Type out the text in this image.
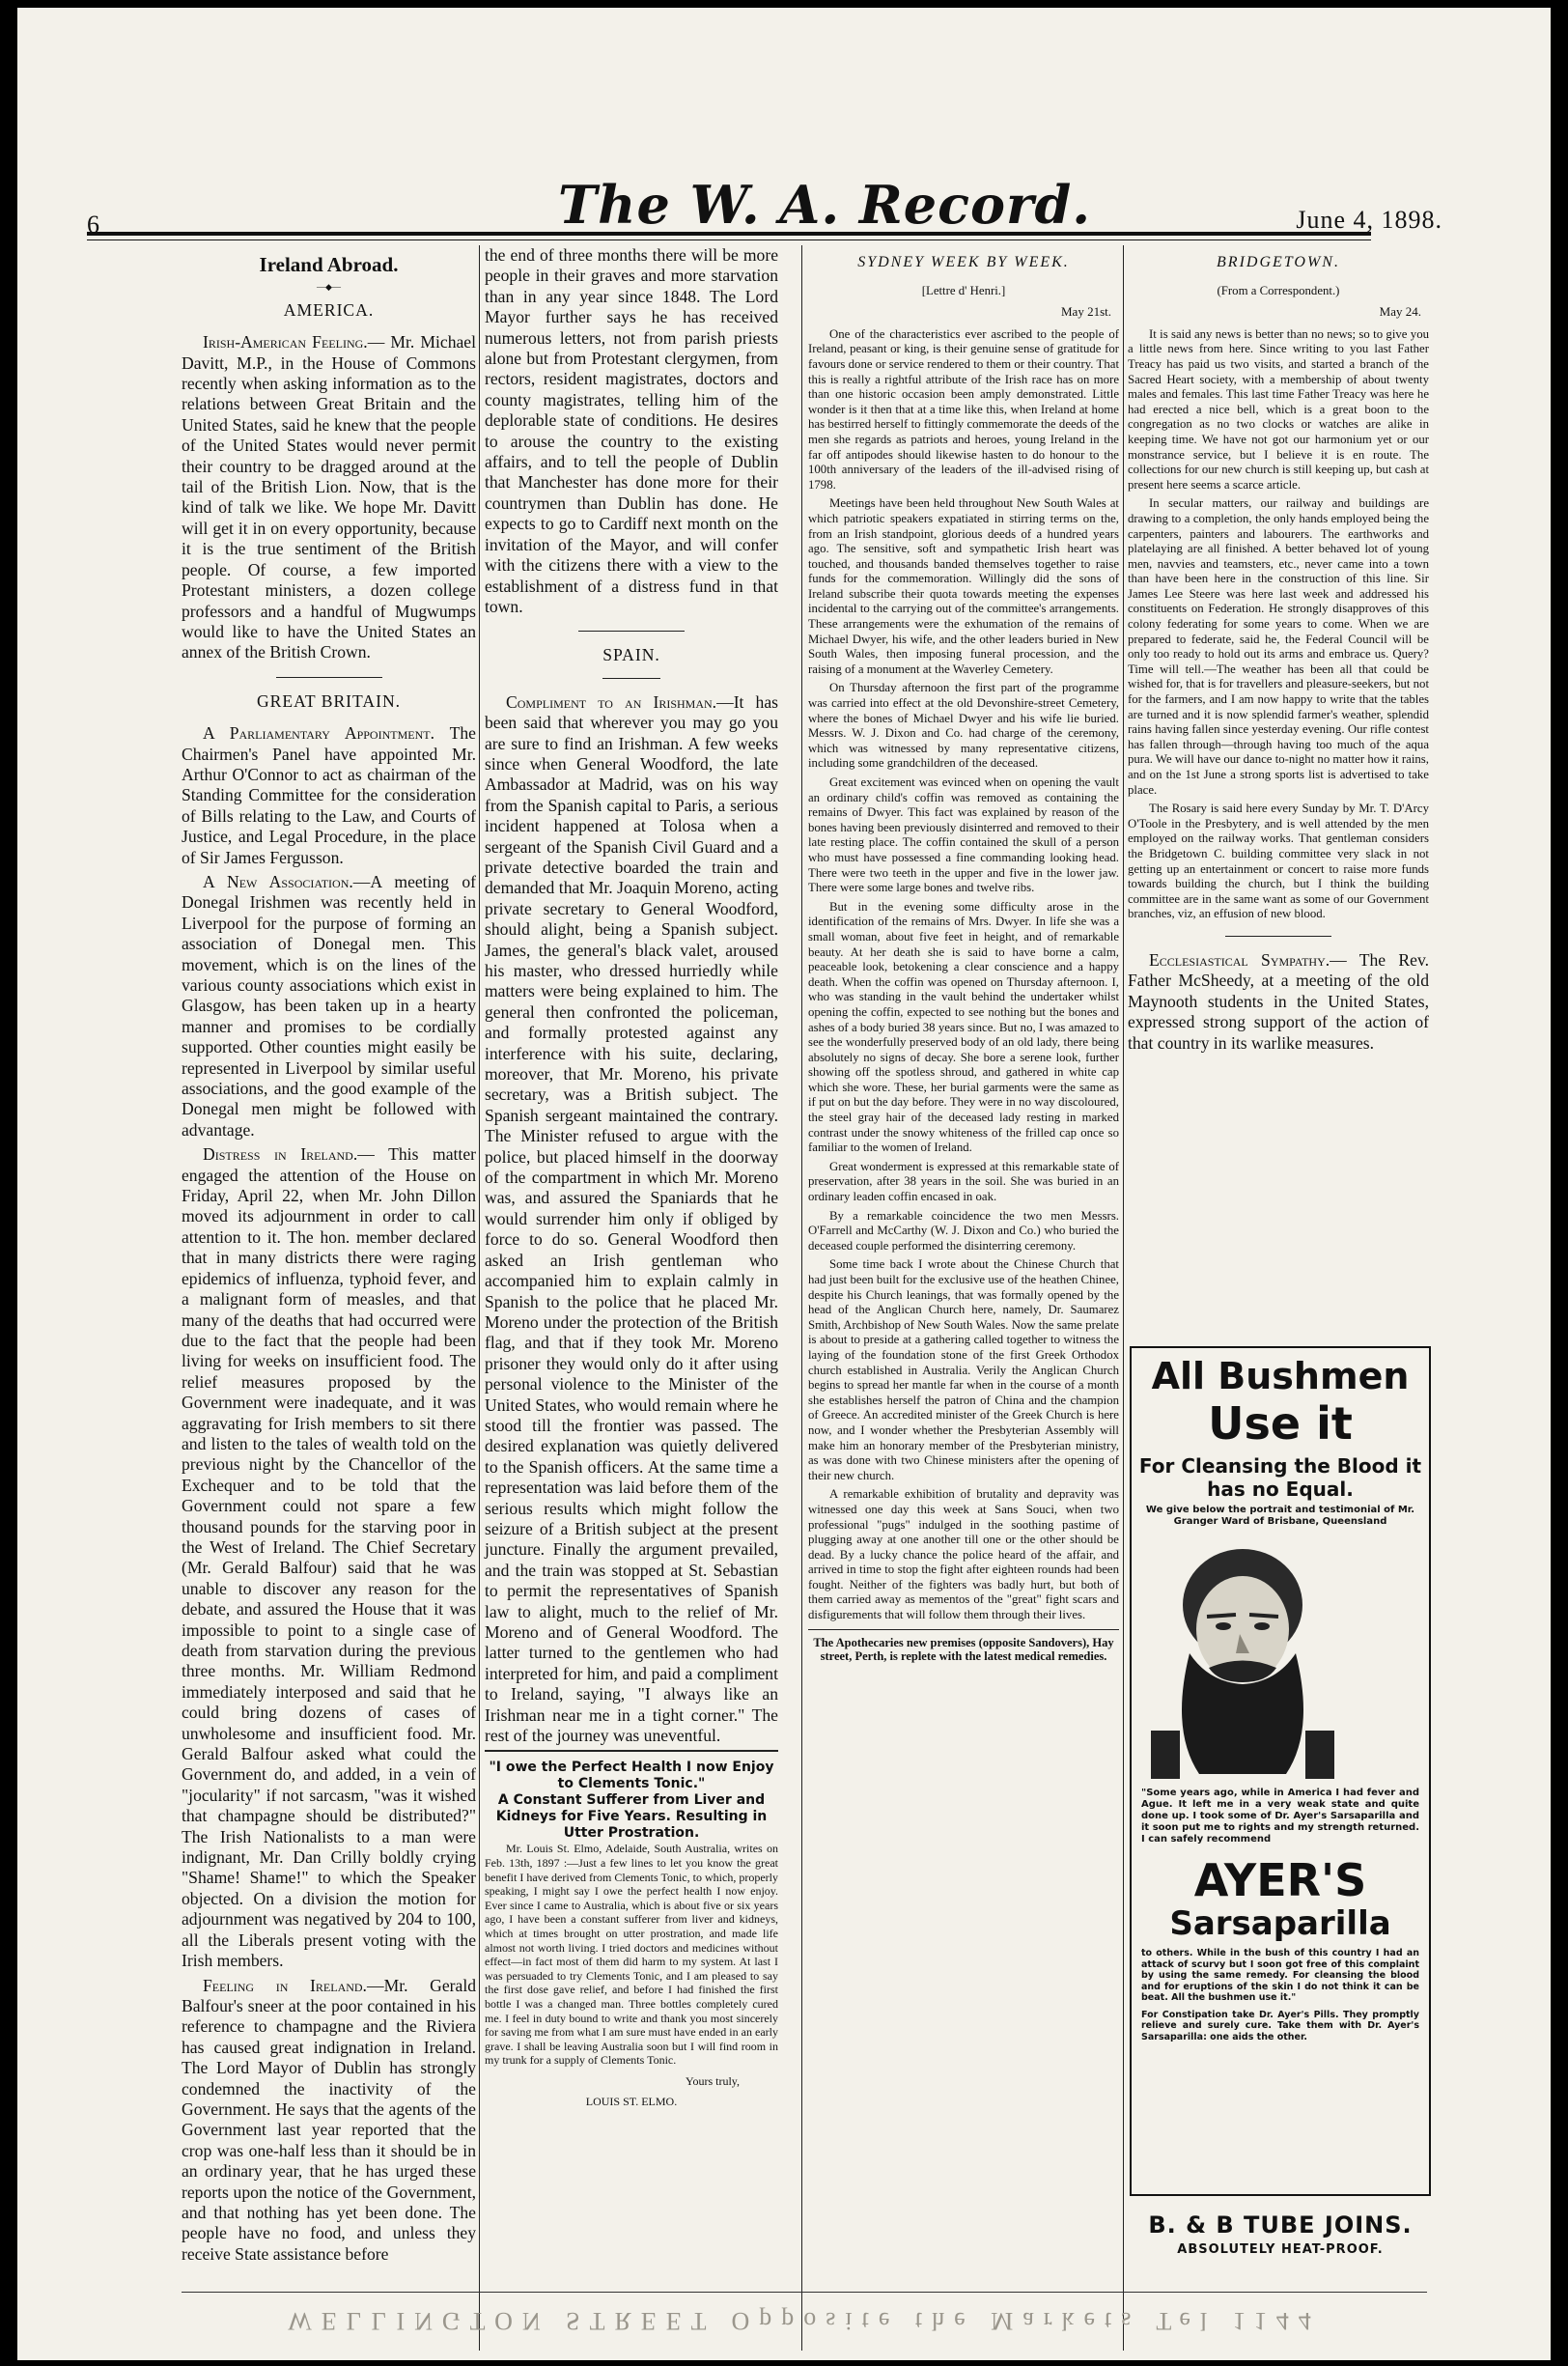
6	The W. A. Record.	June 4, 1898.
Ireland Abroad.
—◆—
AMERICA.

Irish-American Feeling.— Mr. Michael Davitt, M.P., in the House of Commons recently when asking information as to the relations between Great Britain and the United States, said he knew that the people of the United States would never permit their country to be dragged around at the tail of the British Lion. Now, that is the kind of talk we like. We hope Mr. Davitt will get it in on every opportunity, because it is the true sentiment of the British people. Of course, a few imported Protestant ministers, a dozen college professors and a handful of Mugwumps would like to have the United States an annex of the British Crown.

GREAT BRITAIN.

A Parliamentary Appointment. The Chairmen's Panel have appointed Mr. Arthur O'Connor to act as chairman of the Standing Committee for the consideration of Bills relating to the Law, and Courts of Justice, and Legal Procedure, in the place of Sir James Fergusson.

A New Association.—A meeting of Donegal Irishmen was recently held in Liverpool for the purpose of forming an association of Donegal men. This movement, which is on the lines of the various county associations which exist in Glasgow, has been taken up in a hearty manner and promises to be cordially supported. Other counties might easily be represented in Liverpool by similar useful associations, and the good example of the Donegal men might be followed with advantage.

Distress in Ireland.— This matter engaged the attention of the House on Friday, April 22, when Mr. John Dillon moved its adjournment in order to call attention to it. The hon. member declared that in many districts there were raging epidemics of influenza, typhoid fever, and a malignant form of measles, and that many of the deaths that had occurred were due to the fact that the people had been living for weeks on insufficient food. The relief measures proposed by the Government were inadequate, and it was aggravating for Irish members to sit there and listen to the tales of wealth told on the previous night by the Chancellor of the Exchequer and to be told that the Government could not spare a few thousand pounds for the starving poor in the West of Ireland. The Chief Secretary (Mr. Gerald Balfour) said that he was unable to discover any reason for the debate, and assured the House that it was impossible to point to a single case of death from starvation during the previous three months. Mr. William Redmond immediately interposed and said that he could bring dozens of cases of unwholesome and insufficient food. Mr. Gerald Balfour asked what could the Government do, and added, in a vein of "jocularity" if not sarcasm, "was it wished that champagne should be distributed?" The Irish Nationalists to a man were indignant, Mr. Dan Crilly boldly crying "Shame! Shame!" to which the Speaker objected. On a division the motion for adjournment was negatived by 204 to 100, all the Liberals present voting with the Irish members.

Feeling in Ireland.—Mr. Gerald Balfour's sneer at the poor contained in his reference to champagne and the Riviera has caused great indignation in Ireland. The Lord Mayor of Dublin has strongly condemned the inactivity of the Government. He says that the agents of the Government last year reported that the crop was one-half less than it should be in an ordinary year, that he has urged these reports upon the notice of the Government, and that nothing has yet been done. The people have no food, and unless they receive State assistance before

the end of three months there will be more people in their graves and more starvation than in any year since 1848. The Lord Mayor further says he has received numerous letters, not from parish priests alone but from Protestant clergymen, from rectors, resident magistrates, doctors and county magistrates, telling him of the deplorable state of conditions. He desires to arouse the country to the existing affairs, and to tell the people of Dublin that Manchester has done more for their countrymen than Dublin has done. He expects to go to Cardiff next month on the invitation of the Mayor, and will confer with the citizens there with a view to the establishment of a distress fund in that town.

SPAIN.

Compliment to an Irishman.—It has been said that wherever you may go you are sure to find an Irishman. A few weeks since when General Woodford, the late Ambassador at Madrid, was on his way from the Spanish capital to Paris, a serious incident happened at Tolosa when a sergeant of the Spanish Civil Guard and a private detective boarded the train and demanded that Mr. Joaquin Moreno, acting private secretary to General Woodford, should alight, being a Spanish subject. James, the general's black valet, aroused his master, who dressed hurriedly while matters were being explained to him. The general then confronted the policeman, and formally protested against any interference with his suite, declaring, moreover, that Mr. Moreno, his private secretary, was a British subject. The Spanish sergeant maintained the contrary. The Minister refused to argue with the police, but placed himself in the doorway of the compartment in which Mr. Moreno was, and assured the Spaniards that he would surrender him only if obliged by force to do so. General Woodford then asked an Irish gentleman who accompanied him to explain calmly in Spanish to the police that he placed Mr. Moreno under the protection of the British flag, and that if they took Mr. Moreno prisoner they would only do it after using personal violence to the Minister of the United States, who would remain where he stood till the frontier was passed. The desired explanation was quietly delivered to the Spanish officers. At the same time a representation was laid before them of the serious results which might follow the seizure of a British subject at the present juncture. Finally the argument prevailed, and the train was stopped at St. Sebastian to permit the representatives of Spanish law to alight, much to the relief of Mr. Moreno and of General Woodford. The latter turned to the gentlemen who had interpreted for him, and paid a compliment to Ireland, saying, "I always like an Irishman near me in a tight corner." The rest of the journey was uneventful.

"I owe the Perfect Health I now Enjoy to Clements Tonic."
A Constant Sufferer from Liver and Kidneys for Five Years. Resulting in Utter Prostration.

Mr. Louis St. Elmo, Adelaide, South Australia, writes on Feb. 13th, 1897 :—Just a few lines to let you know the great benefit I have derived from Clements Tonic, to which, properly speaking, I might say I owe the perfect health I now enjoy. Ever since I came to Australia, which is about five or six years ago, I have been a constant sufferer from liver and kidneys, which at times brought on utter prostration, and made life almost not worth living. I tried doctors and medicines without effect—in fact most of them did harm to my system. At last I was persuaded to try Clements Tonic, and I am pleased to say the first dose gave relief, and before I had finished the first bottle I was a changed man. Three bottles completely cured me. I feel in duty bound to write and thank you most sincerely for saving me from what I am sure must have ended in an early grave. I shall be leaving Australia soon but I will find room in my trunk for a supply of Clements Tonic.

Yours truly,
LOUIS ST. ELMO.
SYDNEY WEEK BY WEEK.
[Lettre d' Henri.]
May 21st.

One of the characteristics ever ascribed to the people of Ireland, peasant or king, is their genuine sense of gratitude for favours done or service rendered to them or their country. That this is really a rightful attribute of the Irish race has on more than one historic occasion been amply demonstrated. Little wonder is it then that at a time like this, when Ireland at home has bestirred herself to fittingly commemorate the deeds of the men she regards as patriots and heroes, young Ireland in the far off antipodes should likewise hasten to do honour to the 100th anniversary of the leaders of the ill-advised rising of 1798.

Meetings have been held throughout New South Wales at which patriotic speakers expatiated in stirring terms on the, from an Irish standpoint, glorious deeds of a hundred years ago. The sensitive, soft and sympathetic Irish heart was touched, and thousands banded themselves together to raise funds for the commemoration. Willingly did the sons of Ireland subscribe their quota towards meeting the expenses incidental to the carrying out of the committee's arrangements. These arrangements were the exhumation of the remains of Michael Dwyer, his wife, and the other leaders buried in New South Wales, then imposing funeral procession, and the raising of a monument at the Waverley Cemetery.

On Thursday afternoon the first part of the programme was carried into effect at the old Devonshire-street Cemetery, where the bones of Michael Dwyer and his wife lie buried. Messrs. W. J. Dixon and Co. had charge of the ceremony, which was witnessed by many representative citizens, including some grandchildren of the deceased.

Great excitement was evinced when on opening the vault an ordinary child's coffin was removed as containing the remains of Dwyer. This fact was explained by reason of the bones having been previously disinterred and removed to their late resting place. The coffin contained the skull of a person who must have possessed a fine commanding looking head. There were two teeth in the upper and five in the lower jaw. There were some large bones and twelve ribs.

But in the evening some difficulty arose in the identification of the remains of Mrs. Dwyer. In life she was a small woman, about five feet in height, and of remarkable beauty. At her death she is said to have borne a calm, peaceable look, betokening a clear conscience and a happy death. When the coffin was opened on Thursday afternoon. I, who was standing in the vault behind the undertaker whilst opening the coffin, expected to see nothing but the bones and ashes of a body buried 38 years since. But no, I was amazed to see the wonderfully preserved body of an old lady, there being absolutely no signs of decay. She bore a serene look, further showing off the spotless shroud, and gathered in white cap which she wore. These, her burial garments were the same as if put on but the day before. They were in no way discoloured, the steel gray hair of the deceased lady resting in marked contrast under the snowy whiteness of the frilled cap once so familiar to the women of Ireland.

Great wonderment is expressed at this remarkable state of preservation, after 38 years in the soil. She was buried in an ordinary leaden coffin encased in oak.

By a remarkable coincidence the two men Messrs. O'Farrell and McCarthy (W. J. Dixon and Co.) who buried the deceased couple performed the disinterring ceremony.

Some time back I wrote about the Chinese Church that had just been built for the exclusive use of the heathen Chinee, despite his Church leanings, that was formally opened by the head of the Anglican Church here, namely, Dr. Saumarez Smith, Archbishop of New South Wales. Now the same prelate is about to preside at a gathering called together to witness the laying of the foundation stone of the first Greek Orthodox church established in Australia. Verily the Anglican Church begins to spread her mantle far when in the course of a month she establishes herself the patron of China and the champion of Greece. An accredited minister of the Greek Church is here now, and I wonder whether the Presbyterian Assembly will make him an honorary member of the Presbyterian ministry, as was done with two Chinese ministers after the opening of their new church.

A remarkable exhibition of brutality and depravity was witnessed one day this week at Sans Souci, when two professional "pugs" indulged in the soothing pastime of plugging away at one another till one or the other should be dead. By a lucky chance the police heard of the affair, and arrived in time to stop the fight after eighteen rounds had been fought. Neither of the fighters was badly hurt, but both of them carried away as mementos of the "great" fight scars and disfigurements that will follow them through their lives.

The Apothecaries new premises (opposite Sandovers), Hay street, Perth, is replete with the latest medical remedies.
BRIDGETOWN.
(From a Correspondent.)
May 24.

It is said any news is better than no news; so to give you a little news from here. Since writing to you last Father Treacy has paid us two visits, and started a branch of the Sacred Heart society, with a membership of about twenty males and females. This last time Father Treacy was here he had erected a nice bell, which is a great boon to the congregation as no two clocks or watches are alike in keeping time. We have not got our harmonium yet or our monstrance service, but I believe it is en route. The collections for our new church is still keeping up, but cash at present here seems a scarce article.

In secular matters, our railway and buildings are drawing to a completion, the only hands employed being the carpenters, painters and labourers. The earthworks and platelaying are all finished. A better behaved lot of young men, navvies and teamsters, etc., never came into a town than have been here in the construction of this line. Sir James Lee Steere was here last week and addressed his constituents on Federation. He strongly disapproves of this colony federating for some years to come. When we are prepared to federate, said he, the Federal Council will be only too ready to hold out its arms and embrace us. Query? Time will tell.—The weather has been all that could be wished for, that is for travellers and pleasure-seekers, but not for the farmers, and I am now happy to write that the tables are turned and it is now splendid farmer's weather, splendid rains having fallen since yesterday evening. Our rifle contest has fallen through—through having too much of the aqua pura. We will have our dance to-night no matter how it rains, and on the 1st June a strong sports list is advertised to take place.

The Rosary is said here every Sunday by Mr. T. D'Arcy O'Toole in the Presbytery, and is well attended by the men employed on the railway works. That gentleman considers the Bridgetown C. building committee very slack in not getting up an entertainment or concert to raise more funds towards building the church, but I think the building committee are in the same want as some of our Government branches, viz, an effusion of new blood.

Ecclesiastical Sympathy.— The Rev. Father McSheedy, at a meeting of the old Maynooth students in the United States, expressed strong support of the action of that country in its warlike measures.

All Bushmen
Use it
For Cleansing the Blood it has no Equal.
We give below the portrait and testimonial of Mr. Granger Ward of Brisbane, Queensland
"Some years ago, while in America I had fever and Ague. It left me in a very weak state and quite done up. I took some of Dr. Ayer's Sarsaparilla and it soon put me to rights and my strength returned. I can safely recommend
AYER'S
Sarsaparilla
to others. While in the bush of this country I had an attack of scurvy but I soon got free of this complaint by using the same remedy. For cleansing the blood and for eruptions of the skin I do not think it can be beat. All the bushmen use it."
For Constipation take Dr. Ayer's Pills. They promptly relieve and surely cure. Take them with Dr. Ayer's Sarsaparilla: one aids the other.
B. & B TUBE JOINS.
ABSOLUTELY HEAT-PROOF.
WELLINGTON STREET Opposite the Markets Tel 1144
